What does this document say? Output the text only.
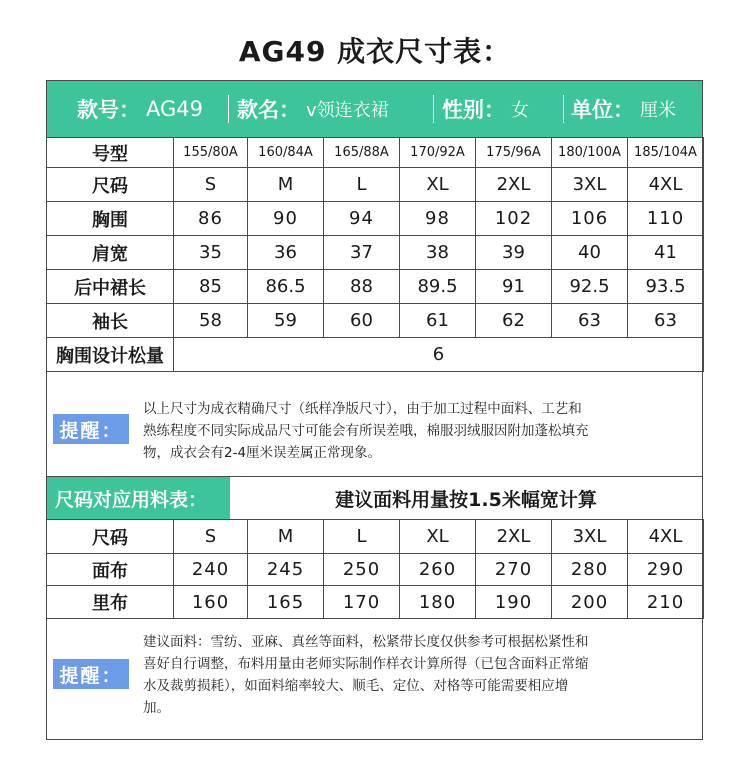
AG49 成衣尺寸表：
款号： AG49 款名： v领连衣裙	性别： 女 单位： 厘米
号型	155/80A	160/84A	165/88A	170/92A	175/96A	180/100A	185/104A
尺码	S	M	L	XL	2XL	3XL	4XL
胸围	86	90	94	98	102	106	110
肩宽	35	36	37	38	39	40	41
后中裙长	85	86.5	88	89.5	91	92.5	93.5
袖长	58	59	60	61	62	63	63
胸围设计松量	6						
提醒：
以上尺寸为成衣精确尺寸（纸样净版尺寸），由于加工过程中面料、工艺和
熟练程度不同实际成品尺寸可能会有所误差哦，棉服羽绒服因附加蓬松填充
物，成衣会有2-4厘米误差属正常现象。
尺码对应用料表：	建议面料用量按1.5米幅宽计算
尺码	S	M	L	XL	2XL	3XL	4XL
面布	240	245	250	260	270	280	290
里布	160	165	170	180	190	200	210
提醒：
建议面料：雪纺、亚麻、真丝等面料，松紧带长度仅供参考可根据松紧性和
喜好自行调整，布料用量由老师实际制作样衣计算所得（已包含面料正常缩
水及裁剪损耗），如面料缩率较大、顺毛、定位、对格等可能需要相应增
加。
